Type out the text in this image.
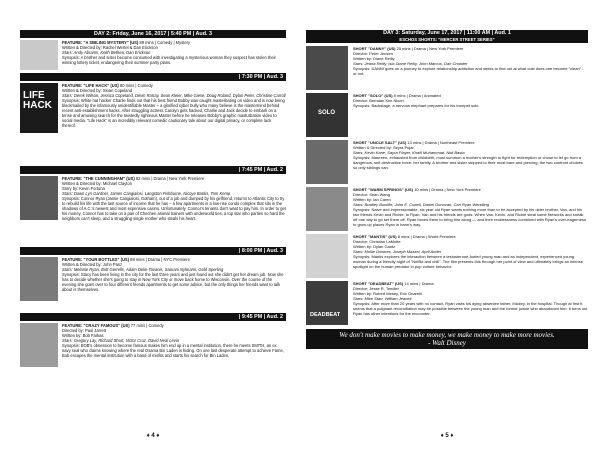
DAY 2: Friday, June 16, 2017 | 5:40 PM | Aud. 3
FEATURE: "A SIBLING MYSTERY" (US) 89 mins | Comedy | Mystery
Written & Directed by: Rachel Wertel & Dan Erickson
Stars: Andy Abrams, Keith Bethea, Dan Erickson
Synopsis: A brother and sister become consumed with investigating a mysterious woman they suspect has stolen their winning lottery ticket, endangering their summer party plans.
| 7:30 PM | Aud. 3
LIFE
HACK
FEATURE: "LIFE HACK" (US) 80 mins | Comedy
Written & Directed by: Sloan Copeland
Stars: Derek Wilson, Jessica Copeland, Devin Ratray, Sean Kleier, Mike Giese, Doug Roland, Dylan Peter, Christine Carroll
Synopsis: White hat hacker Charlie finds out that his best friend Bobby was caught masterbating on video and is now being blackmailed by the infamously unidentifiable Master – a glorified cyber bully who many believe is the mastermind behind recent anti-establishment hacks. After struggling actress Carolyn gets hacked, Charlie and Jack decide to embark on a tense and amusing search for the twistedly righteous Master before he releases Bobby's graphic masturbation video to social media. "Life Hack" is an incredibly relevant comedic cautionary tale about our digital privacy, or complete lack thereof.
| 7:45 PM | Aud. 2
FEATURE: "THE CUNNINGHAM" (US) 92 mins | Drama | New York Premiere
Written & Directed by: Michael Clayton
Story by: Kevin Fortuna
Stars: Dawn Lyn Gardner, James Cangialosi, Langston Fishburne, Nicoye Banks, Tom Kemp
Synopsis: Connor Ryan (Jamie Cangialosi, Gotham), out of a job and dumped by his girlfriend, returns to Atlantic City to try to rebuild his life with the last source of income that he has – a few apartments in a low-rise condo complex that sits in the shadows of A.C.'s newest and most expensive casino. Unfortunately, Connor's tenants don't want to pay him. In order to get his money, Connor has to take on a pair of Chechen animal trainers with underworld ties, a top star who parties so hard the neighbors can't sleep, and a struggling single mother who steals his heart.
| 8:00 PM | Aud. 3
FEATURE: "YOUR BOTTLES" (US) 88 mins | Drama | NYC Premiere
Written & Directed by: John Pasz
Stars: Melanie Ryan, Britt Gerrells, Adam Dolin-Tovanis, Saorani Nylmann, Gold Sperling
Synopsis: Stacy has been living in the city for the last three years and just found out she didn't get her dream job. Now she has to decide whether she's going to stay in New York City or move back home to Wisconsin. Over the course of the evening she goes over to four different friends apartments to get some advice, but the only things her friends want to talk about is themselves.
| 9:45 PM | Aud. 2
FEATURE: "CRAZY FAMOUS" (US) 77 mins | Comedy
Directed by: Paul Jarrett
Written by: Bob Farkas
Stars: Gregory Lay, Richard Short, Victor Cruz, David Neal Levin
Synopsis: BOB's obsession to become famous makes him end up in a mental institution, there he meets SMITH, an ex navy seal who claims knowing where the real Osama Bin Laden is hiding. On one last desperate attempt to achieve Fame, Bob escapes the mental institution with a band of misfits and starts his search for Bin Laden.
♦ 4 ♦
DAY 3: Saturday, June 17, 2017 | 11:00 AM | Aud. 1
ESCHOS SHORTS: "MERCER STREET SERIES"
SHORT "DANNY" (US) 25 mins | Drama | New York Premiere
Director: Peter Jensen
Written by: Diane Reilly
Stars: Jeana Reilly, Isla Diane Reilly, John Marcus, Dan Crowder
Synopsis: DANNI goes on a journey to explore relationship addiction and seeks to find out at what cost does one become "clean" - or not.
SOLO
SHORT "SOLO" (US) 5 mins | Drama | Animated
Director: Brendan Kim Nixon
Synopsis: Backstage, a nervous elephant prepares for his trumpet solo.
SHORT "UNCLE SALT" (US) 13 mins | Drama | Northeast Premiere
Written & Directed by: Seyra Pujar
Stars: Kevin Kane, Sayra Player, Khalil Muhammad, Nidi Basta
Synopsis: Maureen, exhausted from childbirth, must summon a mother's strength to fight for redemption or chose to let go from a dangerous, self-destructive force: her family. A brother and sister stripped to their most bare and piercing, the two confront choices so only siblings can.
SHORT "WARM SPRINGS" (US) 10 mins | Drama | New York Premiere
Director: Sean Wang
Written by: Ian Caren
Stars: Bradley Buntille, John E. Cuaoli, Daniel Donovan, Carl Ryan Wendling
Synopsis: Naive and impressionable, six year old Ryan wants nothing more than to be accepted by his older brother, Van, and his two friends Kevin and Richie; to Ryan, Van and his friends are gods. When Van, Kevin, and Richie steal some fireworks and sneak off one day to go set them off, Ryan forces them to bring him along — and their recklessness combined with Ryan's over-eagerness to grow up places Ryan in harm's way.
SHORT "MANTIS" (US) 8 mins | Drama | World Premiere
Director: Christian LaMotte
Written by: Dylan Gantz
Stars: Mollie Downes, Joseph Mazzei, April Ander
Synopsis: Mantis explores the interaction between a testosterone-fueled young man and an independent, experienced young woman during a friendly night of "Netflix and chill". The film presents this through her point of view and ultimately brings an intense spotlight on the human predator in pop culture behavior.
DEADBEAT
SHORT "DEADBEAT" (US) 14 mins | Drama
Director: Jesse R. Tendler
Written by: Robert Mesey, Eric Gnarelli
Stars: Mike Starr, William Jeanell
Synopsis: After more than 20 years with no contact, Ryan visits his dying absentee father, Mickey, in the hospital. Though at first it seems that a poignant reconciliation may be possible between the young man and the former junkie who abandoned him, it turns out Ryan has other intentions for the encounter.
We don't make movies to make money, we make money to make more movies.
- Walt Disney
♦ 5 ♦
